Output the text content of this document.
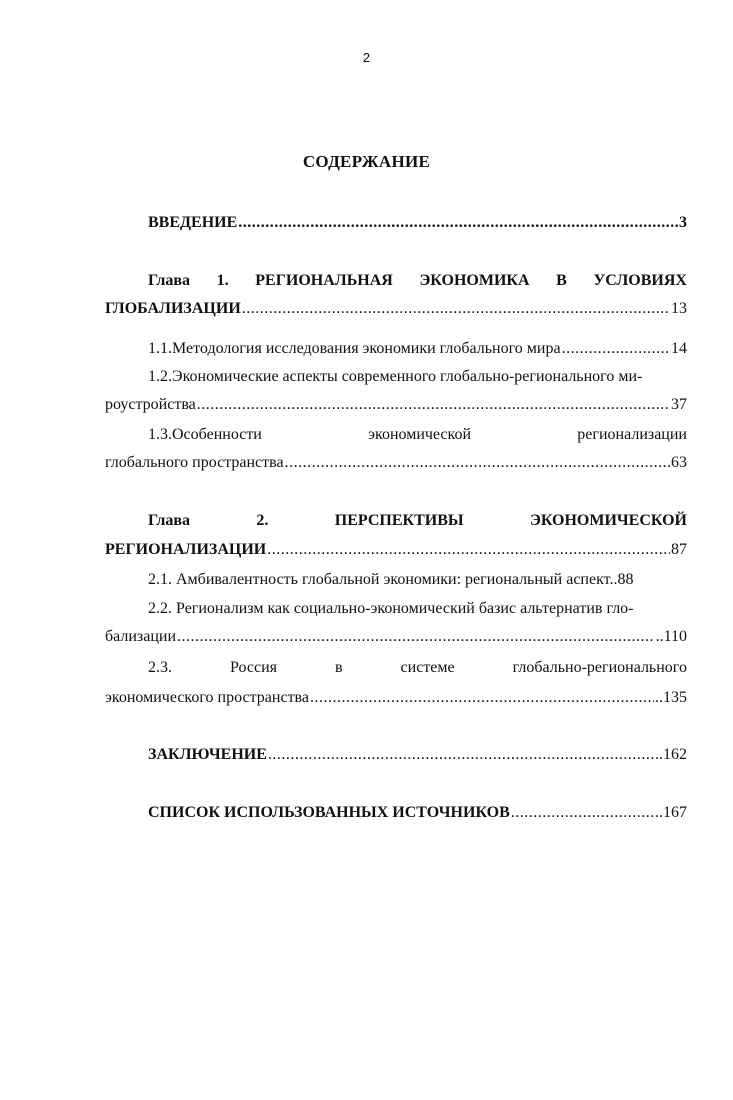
2
СОДЕРЖАНИЕ
ВВЕДЕНИЕ .....	3
Глава 1. РЕГИОНАЛЬНАЯ ЭКОНОМИКА В УСЛОВИЯХ
ГЛОБАЛИЗАЦИИ .....	13
1.1.Методология исследования экономики глобального мира .....	14
1.2.Экономические аспекты современного глобально-регионального ми-
роустройства .....	37
1.3.Особенности	экономической	регионализации
глобального пространства .....	63
Глава	2.	ПЕРСПЕКТИВЫ	ЭКОНОМИЧЕСКОЙ
РЕГИОНАЛИЗАЦИИ .....	87
2.1. Амбивалентность глобальной экономики: региональный аспект.. 88
2.2. Регионализм как социально-экономический базис альтернатив гло-
бализации .....	..110
2.3.	Россия	в	системе	глобально-регионального
экономического пространства .....	..135
ЗАКЛЮЧЕНИЕ .....	..162
СПИСОК ИСПОЛЬЗОВАННЫХ ИСТОЧНИКОВ .....	..167
